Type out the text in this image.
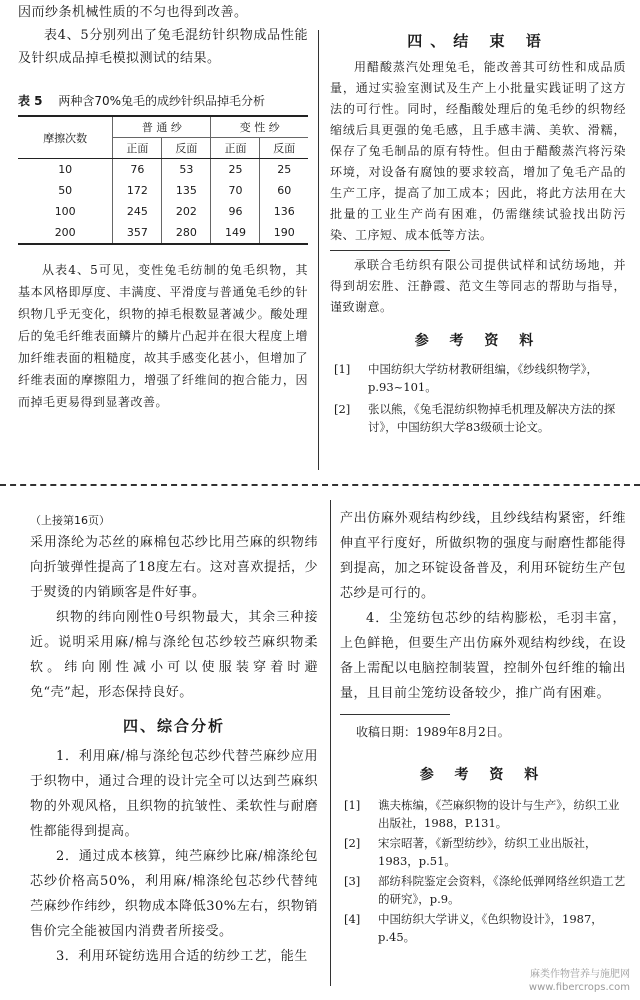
因而纱条机械性质的不匀也得到改善。

表4、5分别列出了兔毛混纺针织物成品性能及针织成品掉毛模拟测试的结果。

表 5 两种含70%兔毛的成纱针织品掉毛分析

摩擦次数	普 通 纱		变 性 纱	
	正面	反面	正面	反面
10	76	53	25	25
50	172	135	70	60
100	245	202	96	136
200	357	280	149	190

从表4、5可见，变性兔毛纺制的兔毛织物，其基本风格即厚度、丰满度、平滑度与普通兔毛纱的针织物几乎无变化，织物的掉毛根数显著减少。酸处理后的兔毛纤维表面鳞片的鳞片凸起并在很大程度上增加纤维表面的粗糙度，故其手感变化甚小，但增加了纤维表面的摩擦阻力，增强了纤维间的抱合能力，因而掉毛更易得到显著改善。

四、结 束 语

用醋酸蒸汽处理兔毛，能改善其可纺性和成品质量，通过实验室测试及生产上小批量实践证明了这方法的可行性。同时，经酯酸处理后的兔毛纱的织物经缩绒后具更强的兔毛感，且手感丰满、美软、滑糯，保存了兔毛制品的原有特性。但由于醋酸蒸汽将污染环境，对设备有腐蚀的要求较高，增加了兔毛产品的生产工序，提高了加工成本；因此，将此方法用在大批量的工业生产尚有困难，仍需继续试验找出防污染、工序短、成本低等方法。

承联合毛纺织有限公司提供试样和试纺场地，并得到胡宏胜、汪静霞、范文生等同志的帮助与指导，谨致谢意。

参 考 资 料

[1] 中国纺织大学纺材教研组编，《纱线织物学》，p.93~101。

[2] 张以熊，《兔毛混纺织物掉毛机理及解决方法的探讨》，中国纺织大学83级硕士论文。

（上接第16页）

采用涤纶为芯丝的麻棉包芯纱比用苎麻的织物纬向折皱弹性提高了18度左右。这对喜欢提括，少于熨烫的内销顾客是件好事。

织物的纬向刚性0号织物最大，其余三种接近。说明采用麻/棉与涤纶包芯纱较苎麻织物柔软。纬向刚性减小可以使服装穿着时避免“壳”起，形态保持良好。

四、综合分析

1．利用麻/棉与涤纶包芯纱代替苎麻纱应用于织物中，通过合理的设计完全可以达到苎麻织物的外观风格，且织物的抗皱性、柔软性与耐磨性都能得到提高。

2．通过成本核算，纯苎麻纱比麻/棉涤纶包芯纱价格高50%，利用麻/棉涤纶包芯纱代替纯苎麻纱作纬纱，织物成本降低30%左右，织物销售价完全能被国内消费者所接受。

3．利用环锭纺选用合适的纺纱工艺，能生

产出仿麻外观结构纱线，且纱线结构紧密，纤维伸直平行度好，所做织物的强度与耐磨性都能得到提高，加之环锭设备普及，利用环锭纺生产包芯纱是可行的。

4．尘笼纺包芯纱的结构膨松，毛羽丰富，上色鲜艳，但要生产出仿麻外观结构纱线，在设备上需配以电脑控制装置，控制外包纤维的输出量，且目前尘笼纺设备较少，推广尚有困难。

收稿日期：1989年8月2日。

参 考 资 料

[1] 谯夫栋编，《苎麻织物的设计与生产》，纺织工业出版社，1988，P.131。

[2] 宋宗昭著，《新型纺纱》，纺织工业出版社，1983，p.51。

[3] 部纺科院鉴定会资料，《涤纶低弹网络丝织造工艺的研究》，p.9。

[4] 中国纺织大学讲义，《色织物设计》，1987，p.45。

麻类作物营养与施肥网
www.fibercrops.com
